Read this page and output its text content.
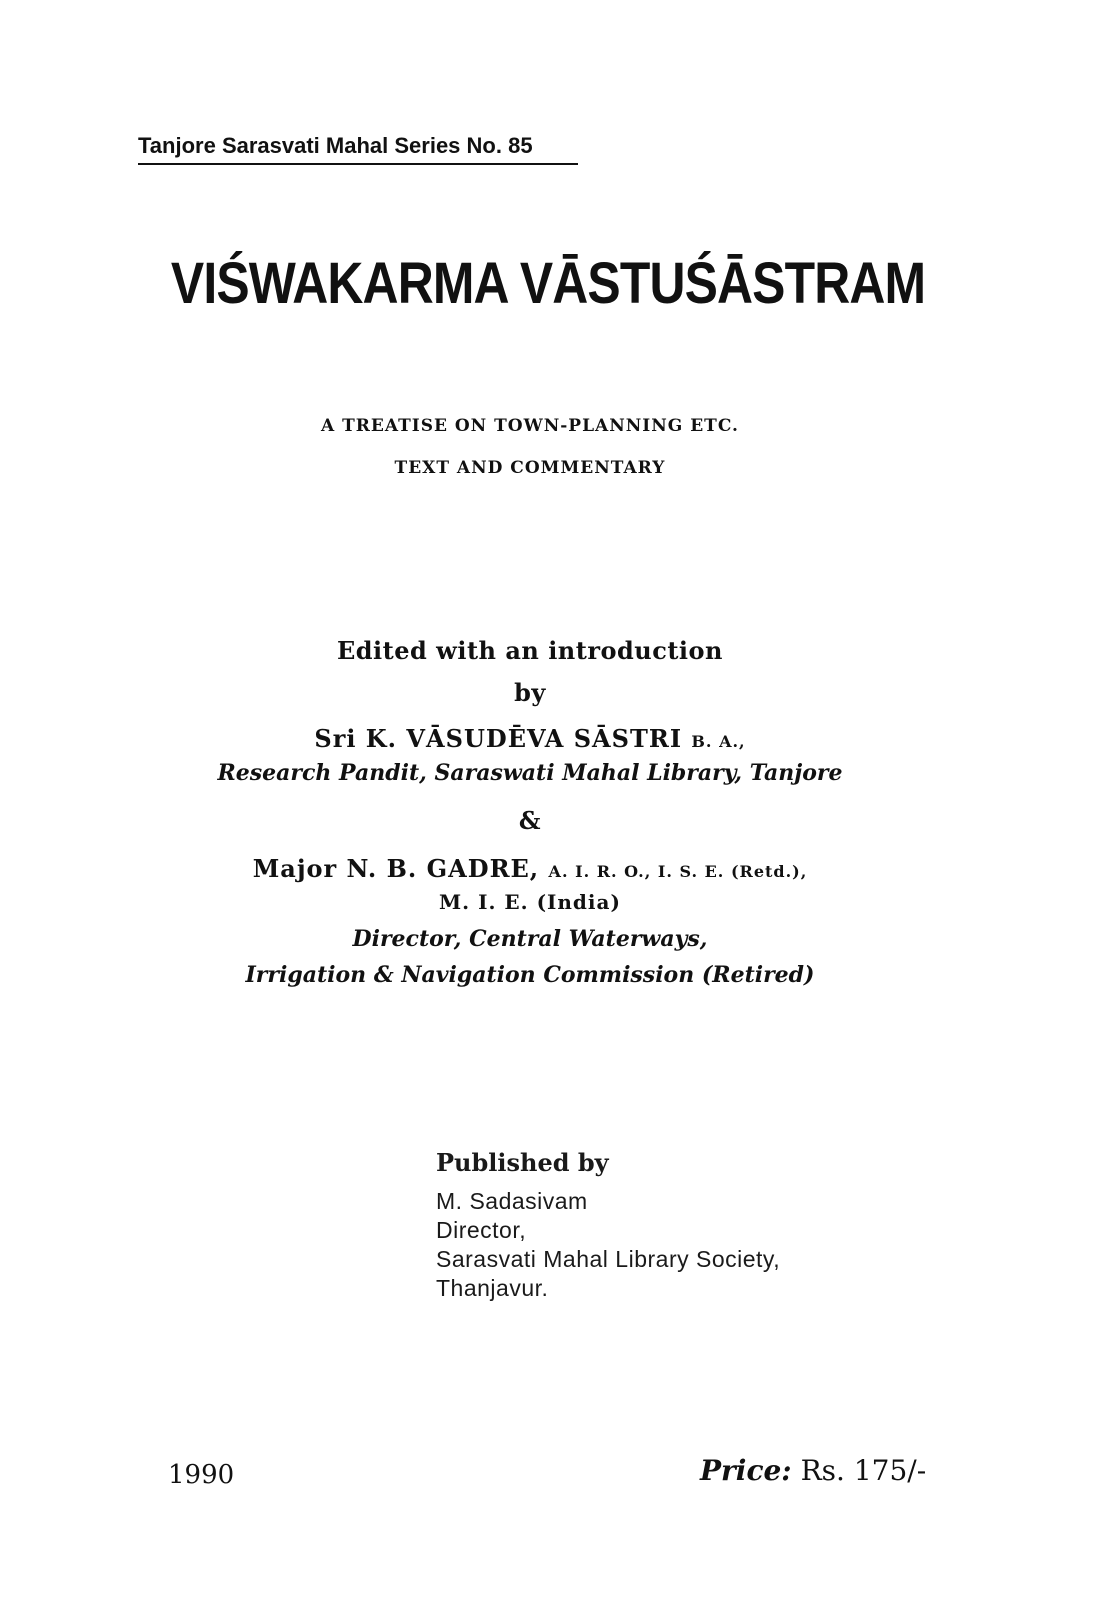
Tanjore Sarasvati Mahal Series No. 85
VIŚWAKARMA VĀSTUŚĀSTRAM
A TREATISE ON TOWN-PLANNING ETC.
TEXT AND COMMENTARY
Edited with an introduction
by
Sri K. VĀSUDĒVA SĀSTRI B. A.,
Research Pandit, Saraswati Mahal Library, Tanjore
&
Major N. B. GADRE, A. I. R. O., I. S. E. (Retd.),
M. I. E. (India)
Director, Central Waterways,
Irrigation & Navigation Commission (Retired)
Published by
M. Sadasivam
Director,
Sarasvati Mahal Library Society,
Thanjavur.
1990	Price: Rs. 175/-
